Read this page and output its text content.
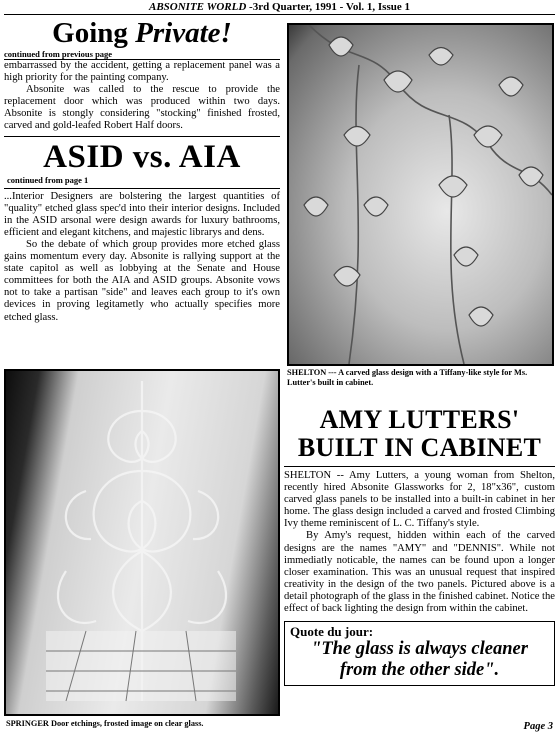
ABSONITE WORLD -3rd Quarter, 1991 - Vol. 1, Issue 1
Going Private!
continued from previous page

embarrassed by the accident, getting a replacement panel was a high priority for the painting company.

Absonite was called to the rescue to provide the replacement door which was produced within two days. Absonite is stongly considering "stocking" finished frosted, carved and gold-leafed Robert Half doors.

ASID vs. AIA
continued from page 1

...Interior Designers are bolstering the largest quantities of "quality" etched glass spec'd into their interior designs. Included in the ASID arsonal were design awards for luxury bathrooms, efficient and elegant kitchens, and majestic librarys and dens.

So the debate of which group provides more etched glass gains momentum every day. Absonite is rallying support at the state capitol as well as lobbying at the Senate and House committees for both the AIA and ASID groups. Absonite vows not to take a partisan "side" and leaves each group to it's own devices in proving legitametly who actually specifies more etched glass.

SPRINGER Door etchings, frosted image on clear glass.
SHELTON --- A carved glass design with a Tiffany-like style for Ms. Lutter's built in cabinet.
AMY LUTTERS'
BUILT IN CABINET

SHELTON -- Amy Lutters, a young woman from Shelton, recently hired Absonite Glassworks for 2, 18"x36", custom carved glass panels to be installed into a built-in cabinet in her home. The glass design included a carved and frosted Climbing Ivy theme reminiscent of L. C. Tiffany's style.

By Amy's request, hidden within each of the carved designs are the names "AMY" and "DENNIS". While not immediatly noticable, the names can be found upon a longer closer examination. This was an unusual request that inspired creativity in the design of the two panels. Pictured above is a detail photograph of the glass in the finished cabinet. Notice the effect of back lighting the design from within the cabinet.

Quote du jour:
"The glass is always cleaner
from the other side".
Page 3
